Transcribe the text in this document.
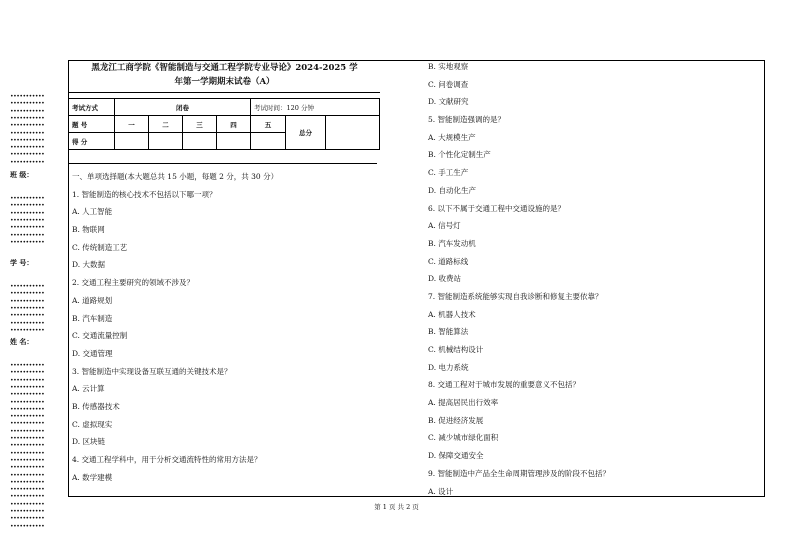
黑龙江工商学院《智能制造与交通工程学院专业导论》2024-2025 学
年第一学期期末试卷（A）
考试方式	闭卷				考试时间：120 分钟		
题 号	一	二	三	四	五	总分	
得 分							
一、单项选择题(本大题总共 15 小题，每题 2 分，共 30 分）
1. 智能制造的核心技术不包括以下哪一项？
A. 人工智能
B. 物联网
C. 传统制造工艺
D. 大数据
2. 交通工程主要研究的领域不涉及？
A. 道路规划
B. 汽车制造
C. 交通流量控制
D. 交通管理
3. 智能制造中实现设备互联互通的关键技术是？
A. 云计算
B. 传感器技术
C. 虚拟现实
D. 区块链
4. 交通工程学科中，用于分析交通流特性的常用方法是？
A. 数学建模
B. 实地观察
C. 问卷调查
D. 文献研究
5. 智能制造强调的是？
A. 大规模生产
B. 个性化定制生产
C. 手工生产
D. 自动化生产
6. 以下不属于交通工程中交通设施的是？
A. 信号灯
B. 汽车发动机
C. 道路标线
D. 收费站
7. 智能制造系统能够实现自我诊断和修复主要依靠？
A. 机器人技术
B. 智能算法
C. 机械结构设计
D. 电力系统
8. 交通工程对于城市发展的重要意义不包括？
A. 提高居民出行效率
B. 促进经济发展
C. 减少城市绿化面积
D. 保障交通安全
9. 智能制造中产品全生命周期管理涉及的阶段不包括？
A. 设计
•••••••••••
•••••••••••
•••••••••••
•••••••••••
•••••••••••
•••••••••••
•••••••••••
•••••••••••
•••••••••••
•••••••••••
班 级：
•••••••••••
•••••••••••
•••••••••••
•••••••••••
•••••••••••
•••••••••••
•••••••••••
学 号：
•••••••••••
•••••••••••
•••••••••••
•••••••••••
•••••••••••
•••••••••••
•••••••••••
姓 名：
•••••••••••
•••••••••••
•••••••••••
•••••••••••
•••••••••••
•••••••••••
•••••••••••
•••••••••••
•••••••••••
•••••••••••
•••••••••••
•••••••••••
•••••••••••
•••••••••••
•••••••••••
•••••••••••
•••••••••••
•••••••••••
•••••••••••
•••••••••••
•••••••••••
•••••••••••
•••••••••••
第 1 页 共 2 页
